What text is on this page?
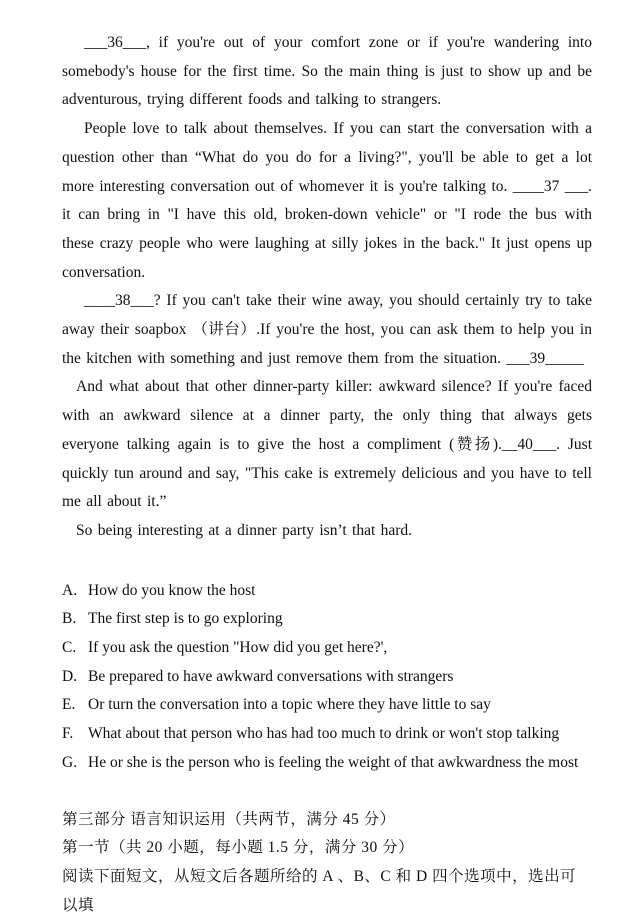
___36___, if you're out of your comfort zone or if you're wandering into somebody's house for the first time. So the main thing is just to show up and be adventurous, trying different foods and talking to strangers.

People love to talk about themselves. If you can start the conversation with a question other than “What do you do for a living?", you'll be able to get a lot more interesting conversation out of whomever it is you're talking to. ____37 ___. it can bring in "I have this old, broken-down vehicle" or "I rode the bus with these crazy people who were laughing at silly jokes in the back." It just opens up conversation.

____38___? If you can't take their wine away, you should certainly try to take away their soapbox （讲台）.If you're the host, you can ask them to help you in the kitchen with something and just remove them from the situation. ___39_____

And what about that other dinner-party killer: awkward silence? If you're faced with an awkward silence at a dinner party, the only thing that always gets everyone talking again is to give the host a compliment (赞扬).__40___. Just quickly tun around and say, "This cake is extremely delicious and you have to tell me all about it.”

So being interesting at a dinner party isn’t that hard.

A. How do you know the host
B. The first step is to go exploring
C. If you ask the question "How did you get here?',
D. Be prepared to have awkward conversations with strangers
E. Or turn the conversation into a topic where they have little to say
F. What about that person who has had too much to drink or won't stop talking
G. He or she is the person who is feeling the weight of that awkwardness the most

第三部分 语言知识运用（共两节，满分 45 分）

第一节（共 20 小题，每小题 1.5 分，满分 30 分）

阅读下面短文，从短文后各题所给的 A 、B、C 和 D 四个选项中，选出可以填
